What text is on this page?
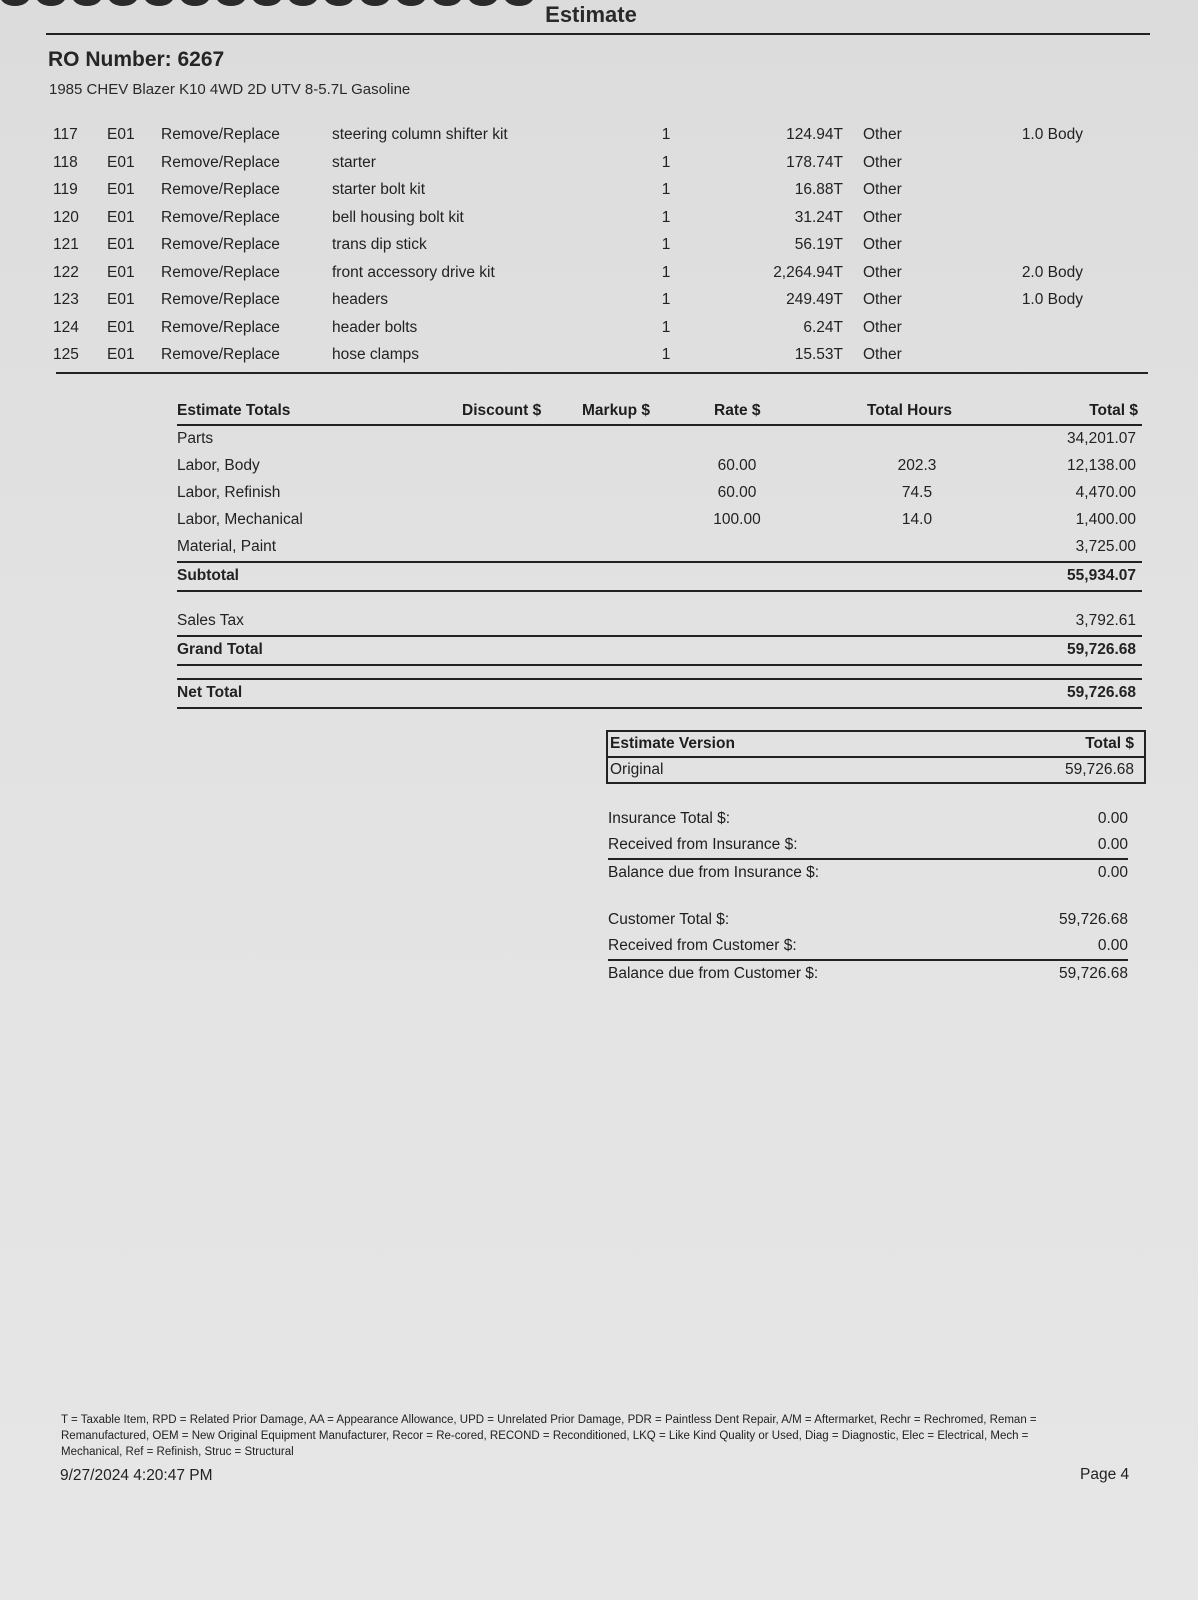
Estimate
RO Number: 6267
1985 CHEV Blazer K10 4WD 2D UTV 8-5.7L Gasoline
117 E01 Remove/Replace	steering column shifter kit	1	124.94T Other	1.0 Body
118 E01 Remove/Replace	starter	1	178.74T Other
119 E01 Remove/Replace	starter bolt kit	1	16.88T Other
120 E01 Remove/Replace	bell housing bolt kit	1	31.24T Other
121 E01 Remove/Replace	trans dip stick	1	56.19T Other
122 E01 Remove/Replace	front accessory drive kit	1	2,264.94T Other	2.0 Body
123 E01 Remove/Replace	headers	1	249.49T Other	1.0 Body
124 E01 Remove/Replace	header bolts	1	6.24T Other
125 E01 Remove/Replace	hose clamps	1	15.53T Other
Estimate Totals	Discount $	Markup $	Rate $	Total Hours	Total $
Parts	34,201.07
Labor, Body	60.00	202.3	12,138.00
Labor, Refinish	60.00	74.5	4,470.00
Labor, Mechanical	100.00	14.0	1,400.00
Material, Paint	3,725.00
Subtotal	55,934.07
Sales Tax	3,792.61
Grand Total	59,726.68
Net Total	59,726.68
Estimate Version	Total $
Original	59,726.68
Insurance Total $:	0.00
Received from Insurance $:	0.00
Balance due from Insurance $:	0.00
Customer Total $:	59,726.68
Received from Customer $:	0.00
Balance due from Customer $:	59,726.68
T = Taxable Item, RPD = Related Prior Damage, AA = Appearance Allowance, UPD = Unrelated Prior Damage, PDR = Paintless Dent Repair, A/M = Aftermarket, Rechr = Rechromed, Reman = Remanufactured, OEM = New Original Equipment Manufacturer, Recor = Re-cored, RECOND = Reconditioned, LKQ = Like Kind Quality or Used, Diag = Diagnostic, Elec = Electrical, Mech = Mechanical, Ref = Refinish, Struc = Structural
9/27/2024 4:20:47 PM	Page 4
